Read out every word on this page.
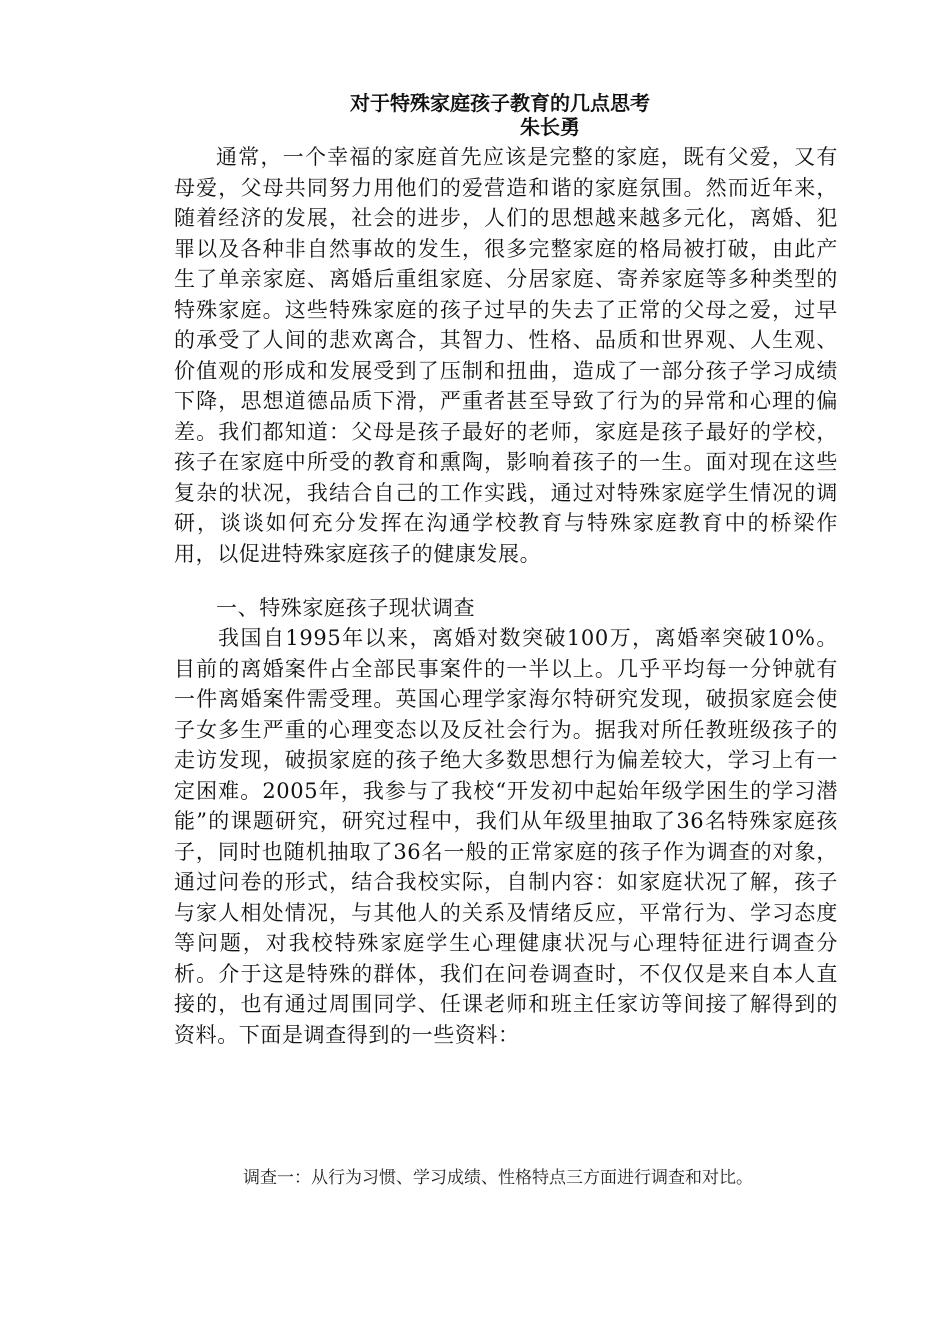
对于特殊家庭孩子教育的几点思考
朱长勇
通常，一个幸福的家庭首先应该是完整的家庭，既有父爱，又有母爱，父母共同努力用他们的爱营造和谐的家庭氛围。然而近年来，随着经济的发展，社会的进步，人们的思想越来越多元化，离婚、犯罪以及各种非自然事故的发生，很多完整家庭的格局被打破，由此产生了单亲家庭、离婚后重组家庭、分居家庭、寄养家庭等多种类型的特殊家庭。这些特殊家庭的孩子过早的失去了正常的父母之爱，过早的承受了人间的悲欢离合，其智力、性格、品质和世界观、人生观、价值观的形成和发展受到了压制和扭曲，造成了一部分孩子学习成绩下降，思想道德品质下滑，严重者甚至导致了行为的异常和心理的偏差。我们都知道：父母是孩子最好的老师，家庭是孩子最好的学校，孩子在家庭中所受的教育和熏陶，影响着孩子的一生。面对现在这些复杂的状况，我结合自己的工作实践，通过对特殊家庭学生情况的调研，谈谈如何充分发挥在沟通学校教育与特殊家庭教育中的桥梁作用，以促进特殊家庭孩子的健康发展。
一、特殊家庭孩子现状调查
我国自1995年以来，离婚对数突破100万，离婚率突破10%。目前的离婚案件占全部民事案件的一半以上。几乎平均每一分钟就有一件离婚案件需受理。英国心理学家海尔特研究发现，破损家庭会使子女多生严重的心理变态以及反社会行为。据我对所任教班级孩子的走访发现，破损家庭的孩子绝大多数思想行为偏差较大，学习上有一定困难。2005年，我参与了我校“开发初中起始年级学困生的学习潜能”的课题研究，研究过程中，我们从年级里抽取了36名特殊家庭孩子，同时也随机抽取了36名一般的正常家庭的孩子作为调查的对象，通过问卷的形式，结合我校实际，自制内容：如家庭状况了解，孩子与家人相处情况，与其他人的关系及情绪反应，平常行为、学习态度等问题，对我校特殊家庭学生心理健康状况与心理特征进行调查分析。介于这是特殊的群体，我们在问卷调查时，不仅仅是来自本人直接的，也有通过周围同学、任课老师和班主任家访等间接了解得到的资料。下面是调查得到的一些资料：
调查一：从行为习惯、学习成绩、性格特点三方面进行调查和对比。
